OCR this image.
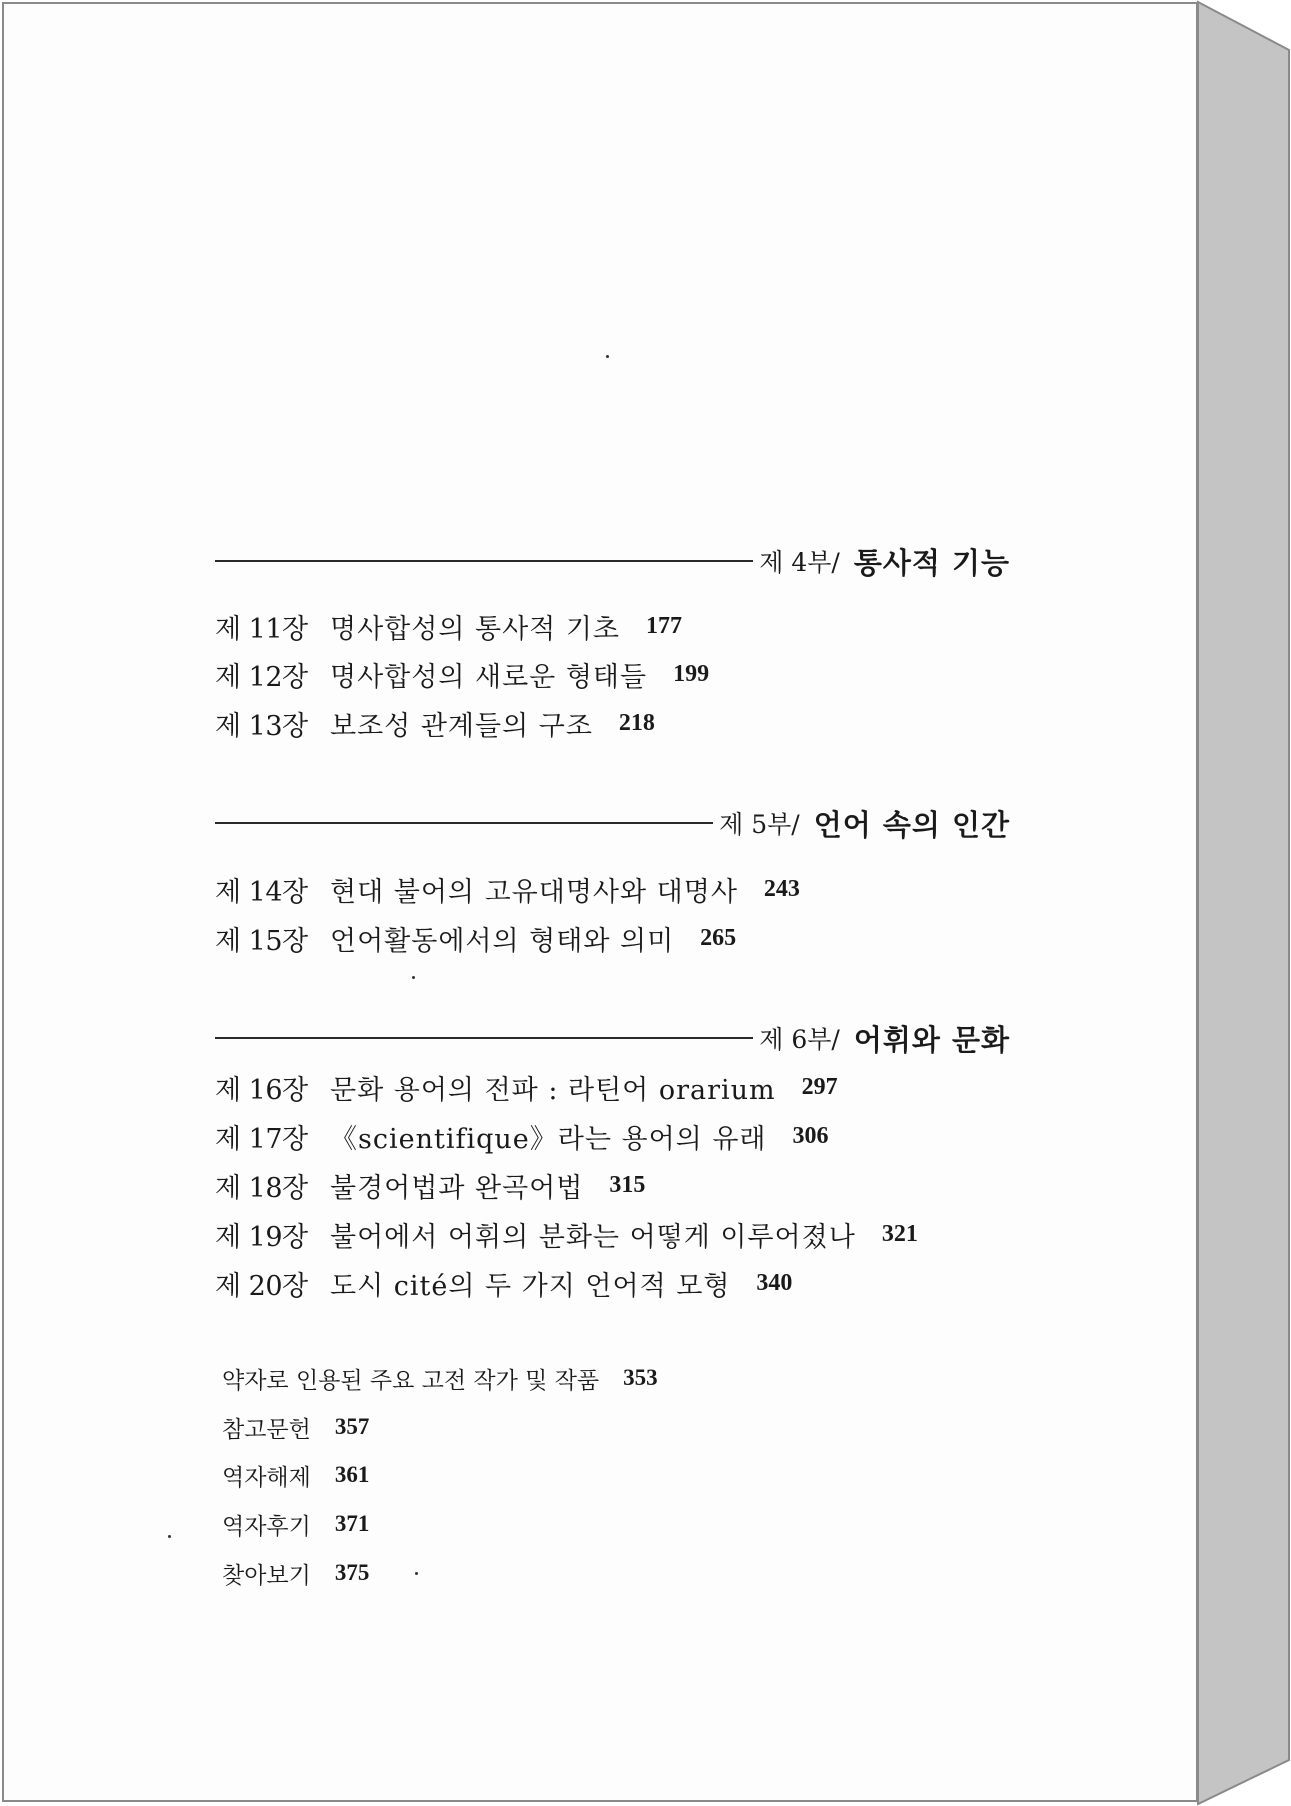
제 4부/ 통사적 기능
제 11장 명사합성의 통사적 기초 177
제 12장 명사합성의 새로운 형태들 199
제 13장 보조성 관계들의 구조 218
제 5부/ 언어 속의 인간
제 14장 현대 불어의 고유대명사와 대명사 243
제 15장 언어활동에서의 형태와 의미 265
제 6부/ 어휘와 문화
제 16장 문화 용어의 전파 : 라틴어 orarium 297
제 17장 《scientifique》라는 용어의 유래 306
제 18장 불경어법과 완곡어법 315
제 19장 불어에서 어휘의 분화는 어떻게 이루어졌나 321
제 20장 도시 cité의 두 가지 언어적 모형 340
약자로 인용된 주요 고전 작가 및 작품 353
참고문헌 357
역자해제 361
역자후기 371
찾아보기 375
